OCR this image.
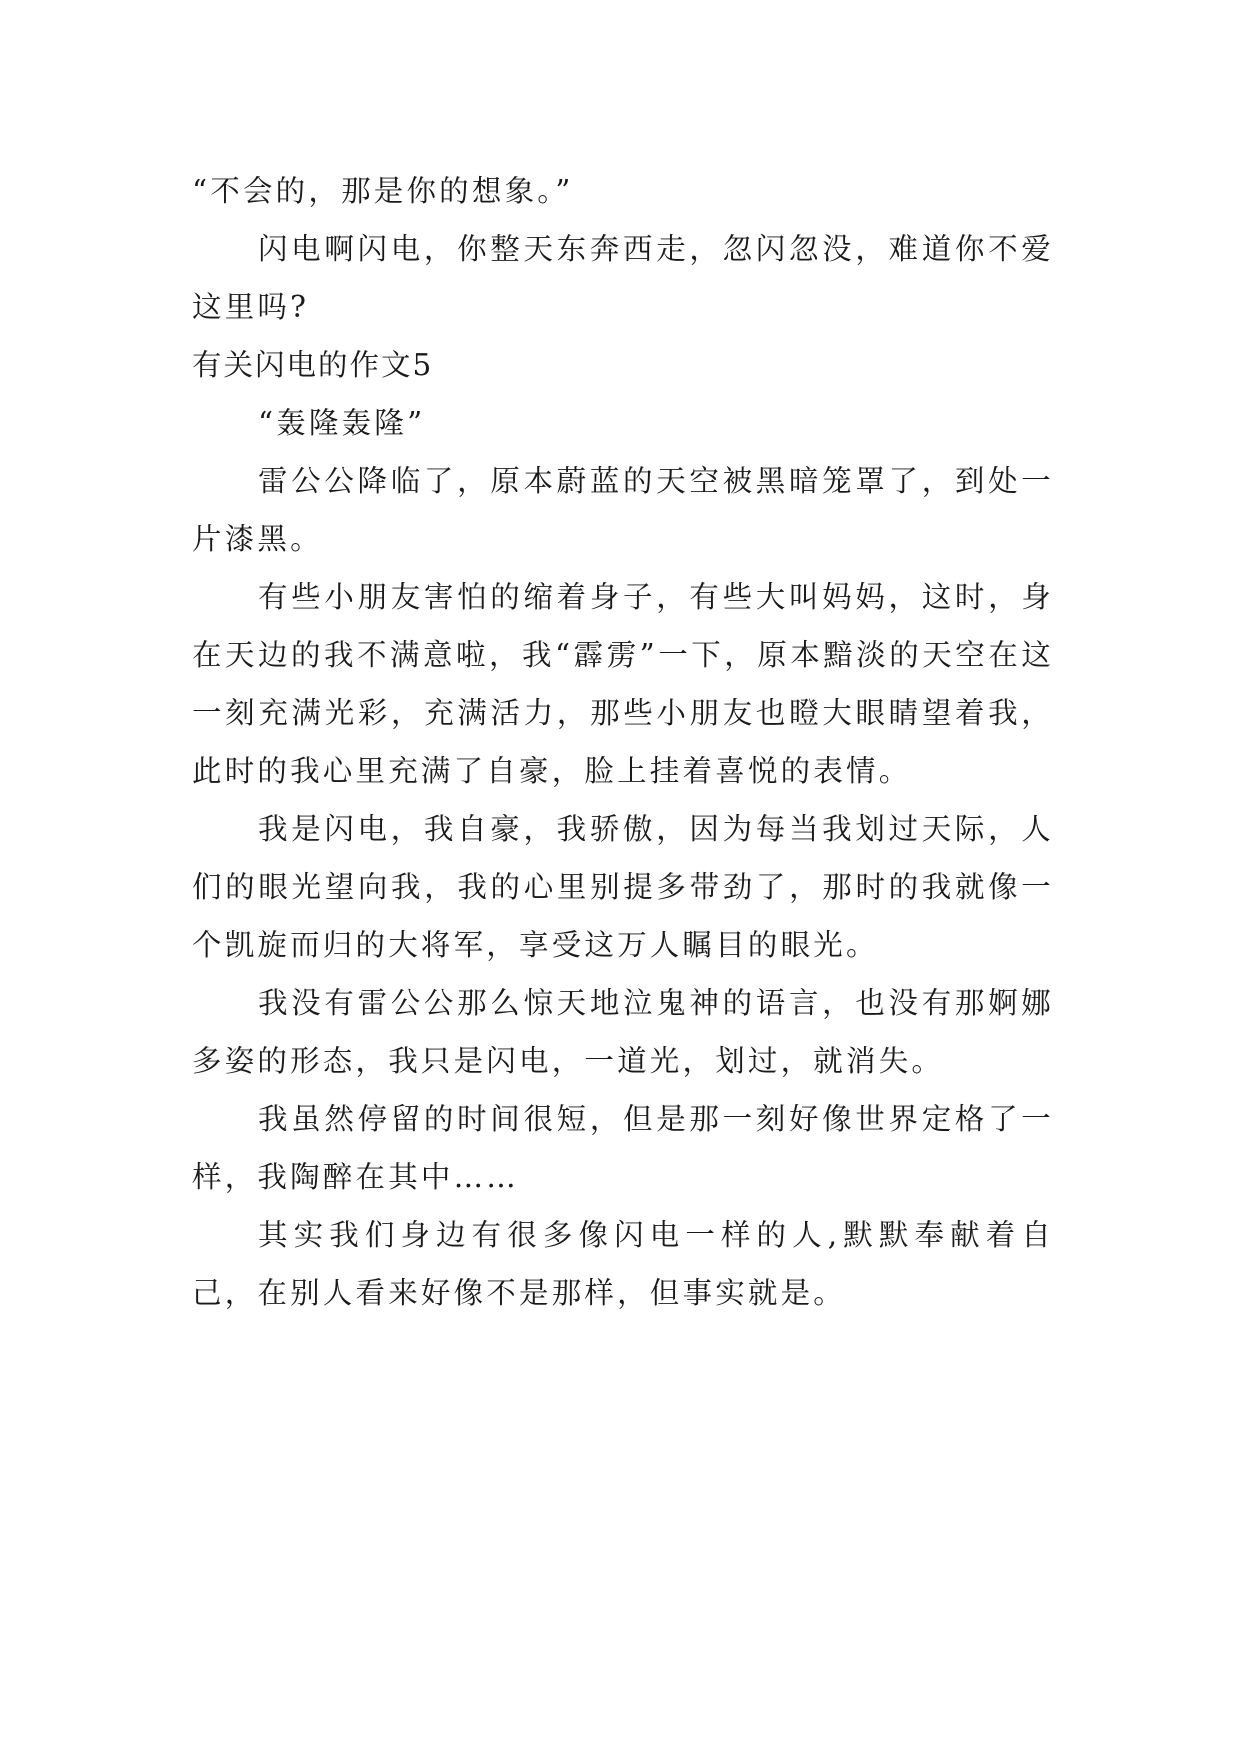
“不会的，那是你的想象。”

闪电啊闪电，你整天东奔西走，忽闪忽没，难道你不爱这里吗?

有关闪电的作文5

“轰隆轰隆”

雷公公降临了，原本蔚蓝的天空被黑暗笼罩了，到处一片漆黑。

有些小朋友害怕的缩着身子，有些大叫妈妈，这时，身在天边的我不满意啦，我“霹雳”一下，原本黯淡的天空在这一刻充满光彩，充满活力，那些小朋友也瞪大眼睛望着我，此时的我心里充满了自豪，脸上挂着喜悦的表情。

我是闪电，我自豪，我骄傲，因为每当我划过天际，人们的眼光望向我，我的心里别提多带劲了，那时的我就像一个凯旋而归的大将军，享受这万人瞩目的眼光。

我没有雷公公那么惊天地泣鬼神的语言，也没有那婀娜多姿的形态，我只是闪电，一道光，划过，就消失。

我虽然停留的时间很短，但是那一刻好像世界定格了一样，我陶醉在其中……

其实我们身边有很多像闪电一样的人,默默奉献着自己，在别人看来好像不是那样，但事实就是。
